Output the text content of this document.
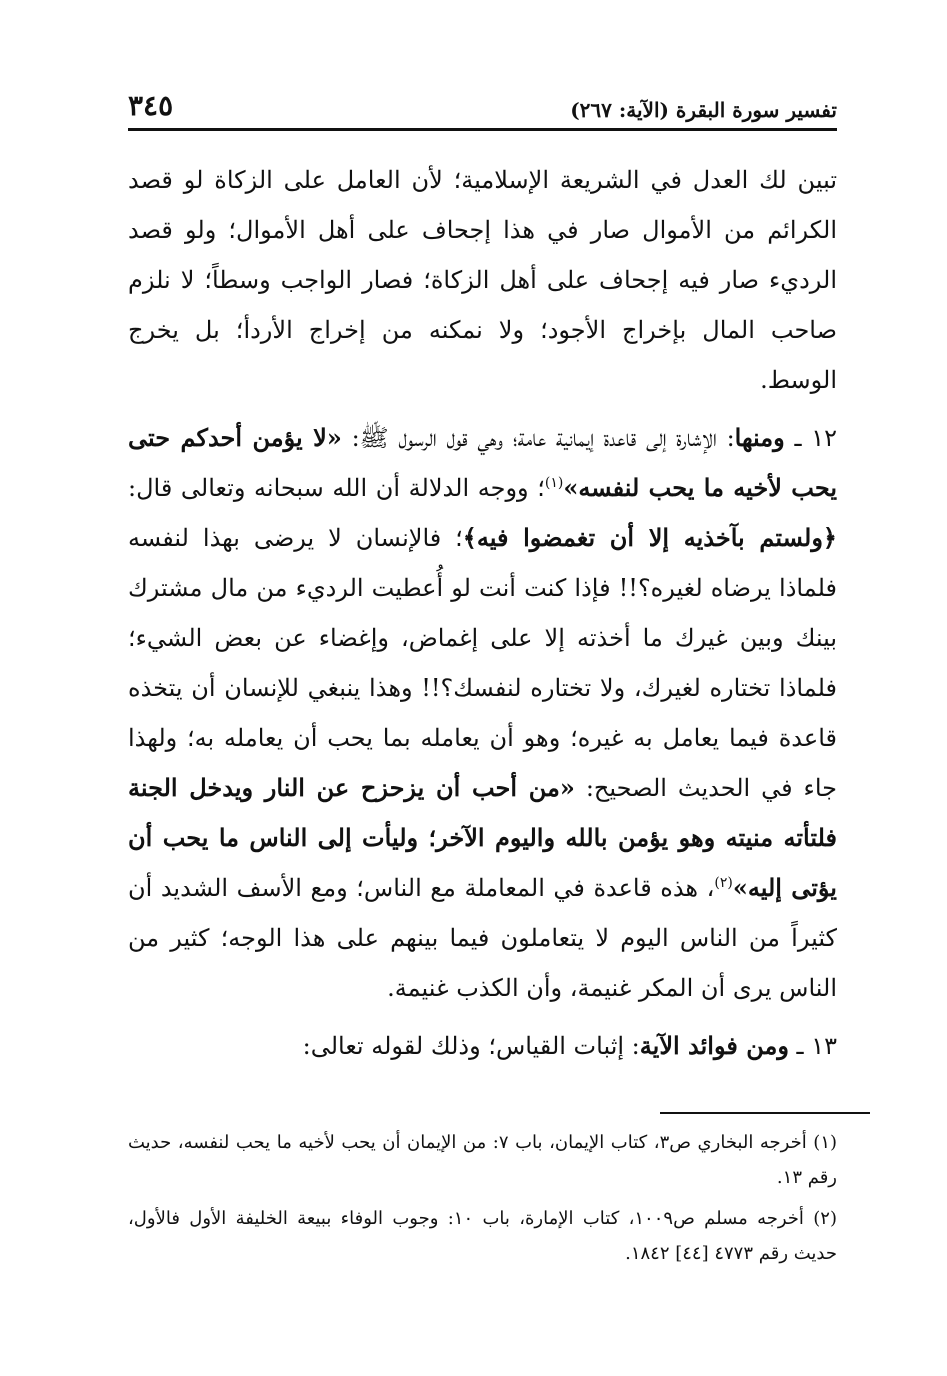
٣٤٥	تفسير سورة البقرة (الآية: ٢٦٧)

تبين لك العدل في الشريعة الإسلامية؛ لأن العامل على الزكاة لو قصد الكرائم من الأموال صار في هذا إجحاف على أهل الأموال؛ ولو قصد الرديء صار فيه إجحاف على أهل الزكاة؛ فصار الواجب وسطاً؛ لا نلزم صاحب المال بإخراج الأجود؛ ولا نمكنه من إخراج الأردأ؛ بل يخرج الوسط.

١٢ ـ ومنها: الإشارة إلى قاعدة إيمانية عامة؛ وهي قول الرسول ﷺ: «لا يؤمن أحدكم حتى يحب لأخيه ما يحب لنفسه»$^{(١)}$؛ ووجه الدلالة أن الله سبحانه وتعالى قال: ﴿ولستم بآخذيه إلا أن تغمضوا فيه﴾؛ فالإنسان لا يرضى بهذا لنفسه فلماذا يرضاه لغيره؟!! فإذا كنت أنت لو أُعطيت الرديء من مال مشترك بينك وبين غيرك ما أخذته إلا على إغماض، وإغضاء عن بعض الشيء؛ فلماذا تختاره لغيرك، ولا تختاره لنفسك؟!! وهذا ينبغي للإنسان أن يتخذه قاعدة فيما يعامل به غيره؛ وهو أن يعامله بما يحب أن يعامله به؛ ولهذا جاء في الحديث الصحيح: «من أحب أن يزحزح عن النار ويدخل الجنة فلتأته منيته وهو يؤمن بالله واليوم الآخر؛ وليأت إلى الناس ما يحب أن يؤتى إليه»$^{(٢)}$، هذه قاعدة في المعاملة مع الناس؛ ومع الأسف الشديد أن كثيراً من الناس اليوم لا يتعاملون فيما بينهم على هذا الوجه؛ كثير من الناس يرى أن المكر غنيمة، وأن الكذب غنيمة.

١٣ ـ ومن فوائد الآية: إثبات القياس؛ وذلك لقوله تعالى:

(١) أخرجه البخاري ص٣، كتاب الإيمان، باب ٧: من الإيمان أن يحب لأخيه ما يحب لنفسه، حديث رقم ١٣.

(٢) أخرجه مسلم ص١٠٠٩، كتاب الإمارة، باب ١٠: وجوب الوفاء ببيعة الخليفة الأول فالأول، حديث رقم ٤٧٧٣ [٤٤] ١٨٤٢.
